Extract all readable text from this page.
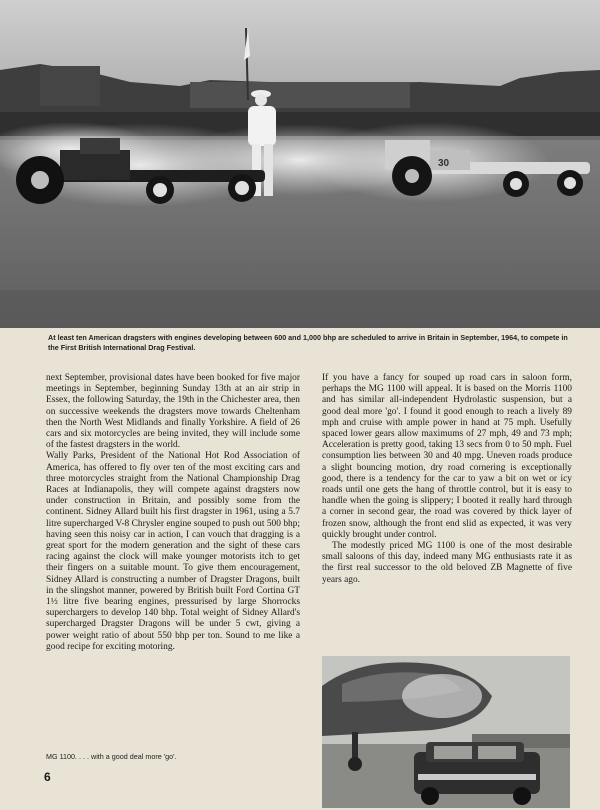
30
At least ten American dragsters with engines developing between 600 and 1,000 bhp are scheduled to arrive in Britain in September, 1964, to compete in the First British International Drag Festival.

next September, provisional dates have been booked for five major meetings in September, beginning Sunday 13th at an air strip in Essex, the following Saturday, the 19th in the Chichester area, then on successive weekends the dragsters move towards Cheltenham then the North West Midlands and finally Yorkshire. A field of 26 cars and six motorcycles are being invited, they will include some of the fastest dragsters in the world.

Wally Parks, President of the National Hot Rod Association of America, has offered to fly over ten of the most exciting cars and three motorcycles straight from the National Championship Drag Races at Indianapolis, they will compete against dragsters now under construction in Britain, and possibly some from the continent. Sidney Allard built his first dragster in 1961, using a 5.7 litre supercharged V-8 Chrysler engine souped to push out 500 bhp; having seen this noisy car in action, I can vouch that dragging is a great sport for the modern generation and the sight of these cars racing against the clock will make younger motorists itch to get their fingers on a suitable mount. To give them encouragement, Sidney Allard is constructing a number of Dragster Dragons, built in the slingshot manner, powered by British built Ford Cortina GT 1½ litre five bearing engines, pressurised by large Shorrocks superchargers to develop 140 bhp. Total weight of Sidney Allard's supercharged Dragster Dragons will be under 5 cwt, giving a power weight ratio of about 550 bhp per ton. Sound to me like a good recipe for exciting motoring.

If you have a fancy for souped up road cars in saloon form, perhaps the MG 1100 will appeal. It is based on the Morris 1100 and has similar all-independent Hydrolastic suspension, but a good deal more 'go'. I found it good enough to reach a lively 89 mph and cruise with ample power in hand at 75 mph. Usefully spaced lower gears allow maximums of 27 mph, 49 and 73 mph; Acceleration is pretty good, taking 13 secs from 0 to 50 mph. Fuel consumption lies between 30 and 40 mpg. Uneven roads produce a slight bouncing motion, dry road cornering is exceptionally good, there is a tendency for the car to yaw a bit on wet or icy roads until one gets the hang of throttle control, but it is easy to handle when the going is slippery; I booted it really hard through a corner in second gear, the road was covered by thick layer of frozen snow, although the front end slid as expected, it was very quickly brought under control.

The modestly priced MG 1100 is one of the most desirable small saloons of this day, indeed many MG enthusiasts rate it as the first real successor to the old beloved ZB Magnette of five years ago.

MG 1100. . . . with a good deal more 'go'.
6
